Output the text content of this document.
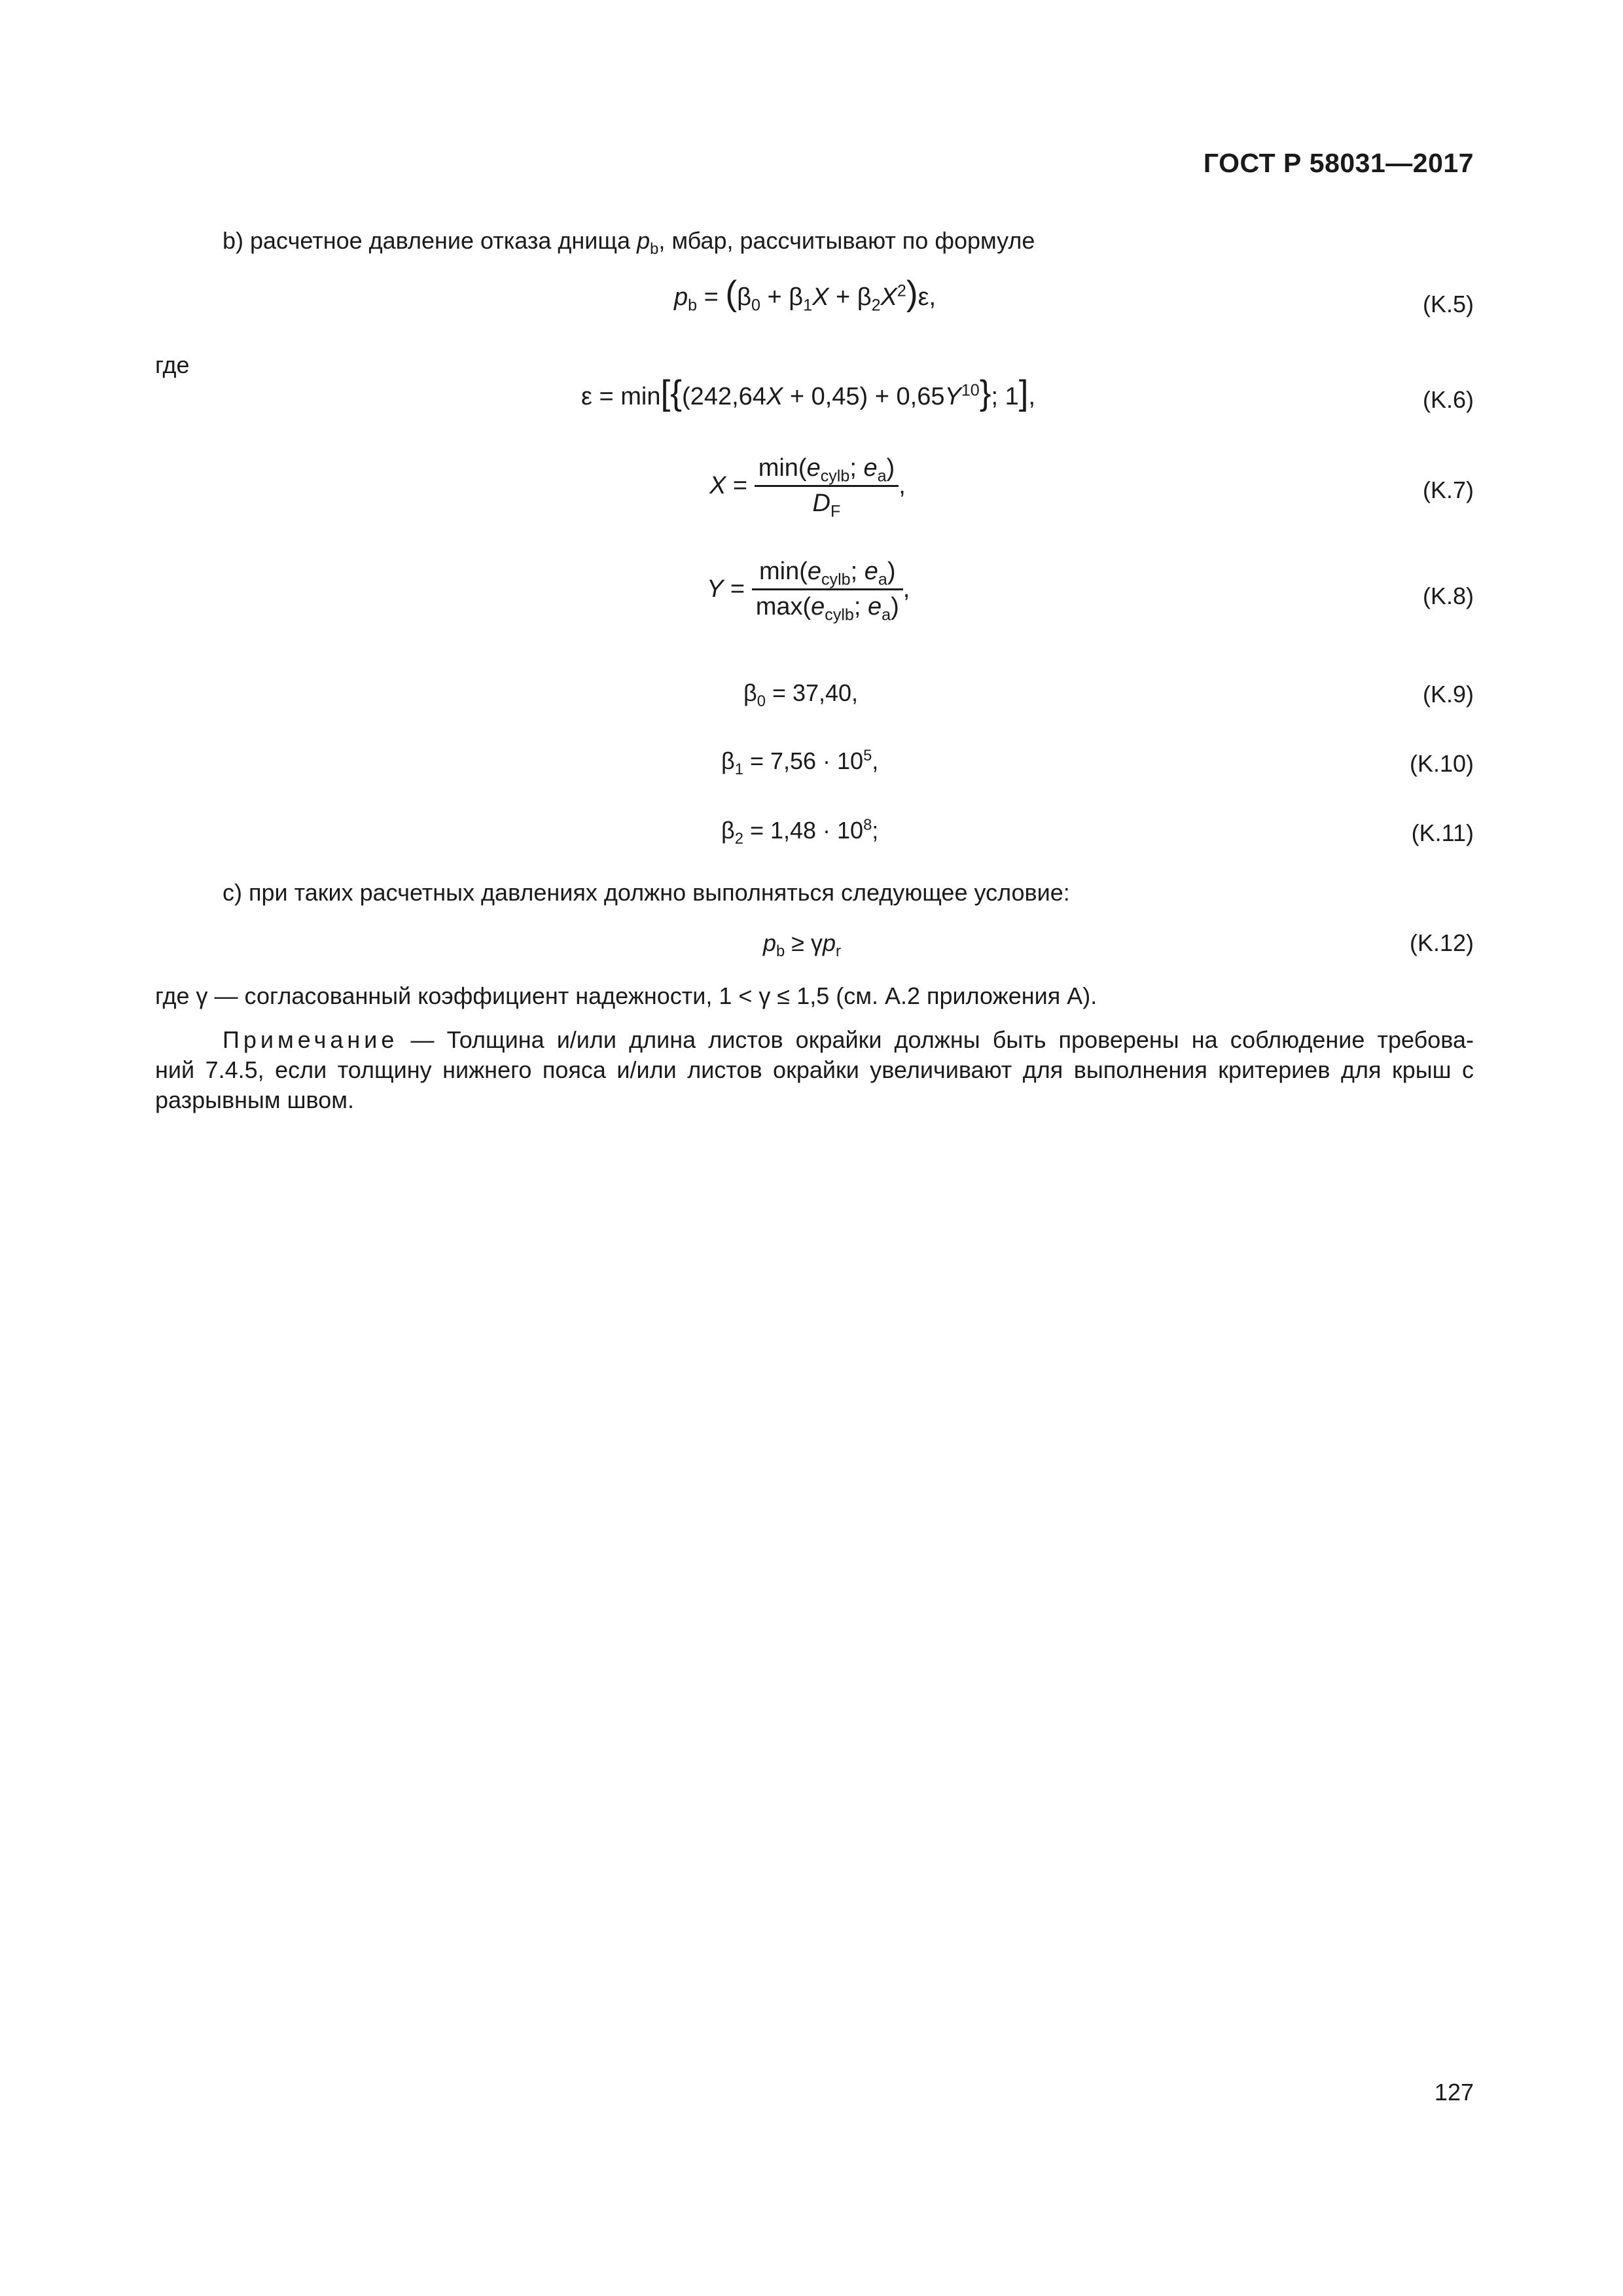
ГОСТ Р 58031—2017
b) расчетное давление отказа днища $p_b$, мбар, рассчитывают по формуле
$p_b = (\beta_0 + \beta_1X + \beta_2X^2)\varepsilon$,	(K.5)
где
$\varepsilon = \min[\{(242,64X + 0,45) + 0,65Y^{10}\}$; 1],	(K.6)
$X = \frac{\min(e_{cylb}; e_a)}{D_F}$ ,	(K.7)
$Y = \frac{\min(e_{cylb}; e_a)}{\max(e_{cylb}; e_a)}$ ,	(K.8)
$\beta_0 = 37,40$,	(K.9)
$\beta_1 = 7,56 \cdot 10^5$,	(K.10)
$\beta_2 = 1,48 \cdot 10^8$;	(K.11)
c) при таких расчетных давлениях должно выполняться следующее условие:
$p_b \ge \gamma p_r$	(K.12)
где γ — согласованный коэффициент надежности, 1 < γ ≤ 1,5 (см. А.2 приложения А).
Примечание — Толщина и/или длина листов окрайки должны быть проверены на соблюдение требова-
ний 7.4.5, если толщину нижнего пояса и/или листов окрайки увеличивают для выполнения критериев для крыш с
разрывным швом.
127
